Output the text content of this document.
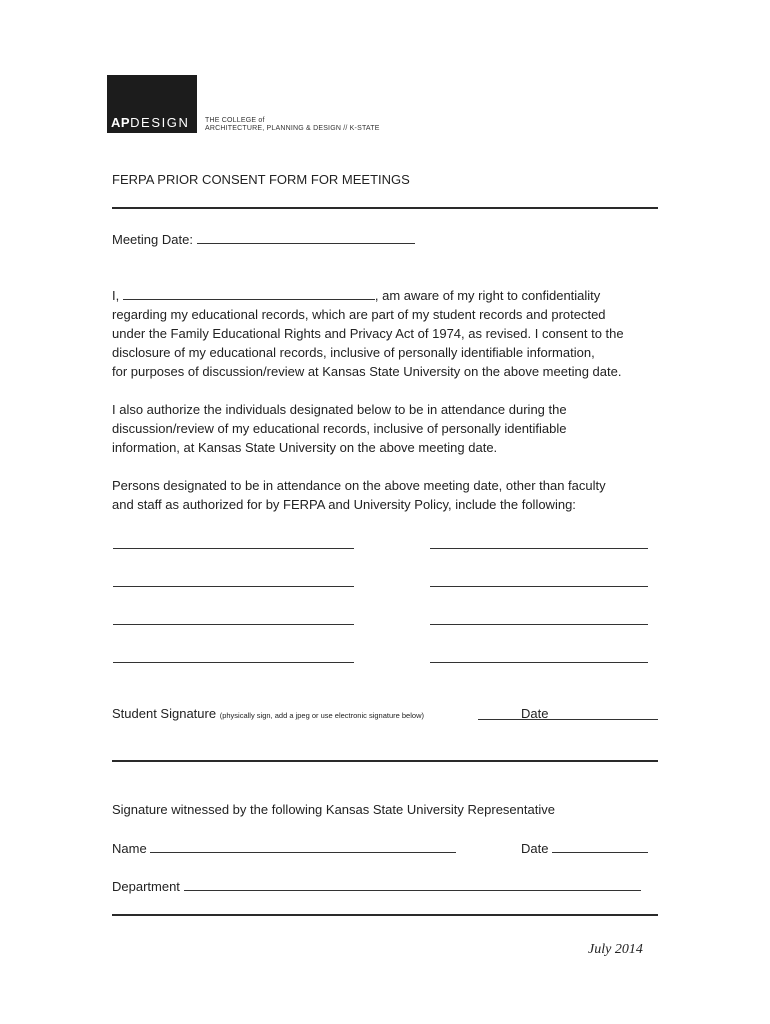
APDESIGN THE COLLEGE of
ARCHITECTURE, PLANNING & DESIGN // K-STATE
FERPA PRIOR CONSENT FORM FOR MEETINGS
Meeting Date:
I,	, am aware of my right to confidentiality
regarding my educational records, which are part of my student records and protected
under the Family Educational Rights and Privacy Act of 1974, as revised. I consent to the
disclosure of my educational records, inclusive of personally identifiable information,
for purposes of discussion/review at Kansas State University on the above meeting date.
I also authorize the individuals designated below to be in attendance during the
discussion/review of my educational records, inclusive of personally identifiable
information, at Kansas State University on the above meeting date.
Persons designated to be in attendance on the above meeting date, other than faculty
and staff as authorized for by FERPA and University Policy, include the following:
Student Signature (physically sign, add a jpeg or use electronic signature below)	Date
Signature witnessed by the following Kansas State University Representative
Name	Date
Department
July 2014
